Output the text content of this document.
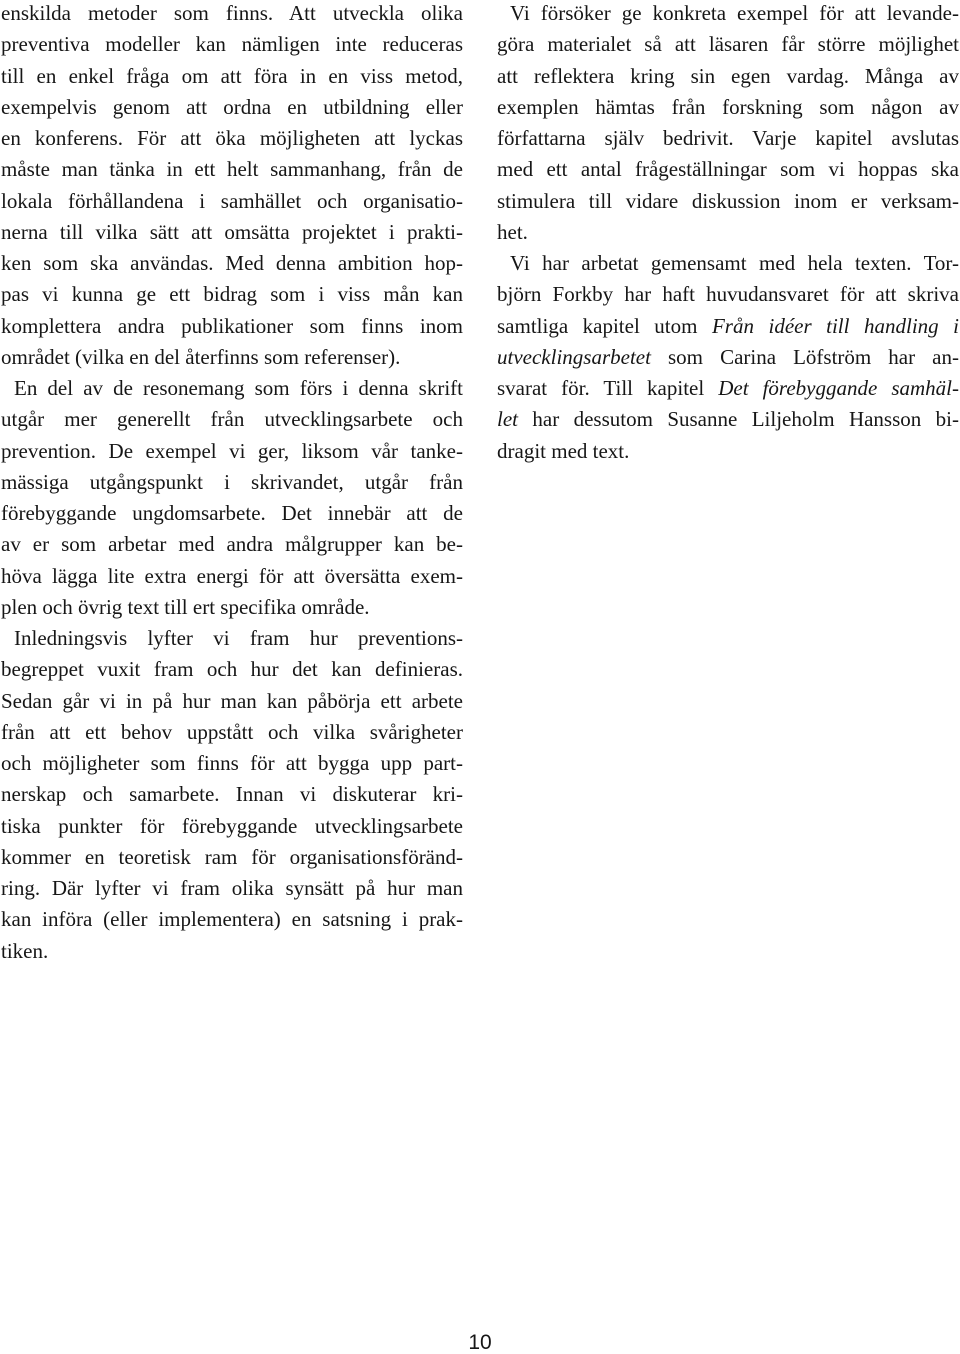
enskilda metoder som finns. Att utveckla olika
preventiva modeller kan nämligen inte reduceras
till en enkel fråga om att föra in en viss metod,
exempelvis genom att ordna en utbildning eller
en konferens. För att öka möjligheten att lyckas
måste man tänka in ett helt sammanhang, från de
lokala förhållandena i samhället och organisatio-
nerna till vilka sätt att omsätta projektet i prakti-
ken som ska användas. Med denna ambition hop-
pas vi kunna ge ett bidrag som i viss mån kan
komplettera andra publikationer som finns inom
området (vilka en del återfinns som referenser).
En del av de resonemang som förs i denna skrift
utgår mer generellt från utvecklingsarbete och
prevention. De exempel vi ger, liksom vår tanke-
mässiga utgångspunkt i skrivandet, utgår från
förebyggande ungdomsarbete. Det innebär att de
av er som arbetar med andra målgrupper kan be-
höva lägga lite extra energi för att översätta exem-
plen och övrig text till ert specifika område.
Inledningsvis lyfter vi fram hur preventions-
begreppet vuxit fram och hur det kan definieras.
Sedan går vi in på hur man kan påbörja ett arbete
från att ett behov uppstått och vilka svårigheter
och möjligheter som finns för att bygga upp part-
nerskap och samarbete. Innan vi diskuterar kri-
tiska punkter för förebyggande utvecklingsarbete
kommer en teoretisk ram för organisationsföränd-
ring. Där lyfter vi fram olika synsätt på hur man
kan införa (eller implementera) en satsning i prak-
tiken.
Vi försöker ge konkreta exempel för att levande-
göra materialet så att läsaren får större möjlighet
att reflektera kring sin egen vardag. Många av
exemplen hämtas från forskning som någon av
författarna själv bedrivit. Varje kapitel avslutas
med ett antal frågeställningar som vi hoppas ska
stimulera till vidare diskussion inom er verksam-
het.
Vi har arbetat gemensamt med hela texten. Tor-
björn Forkby har haft huvudansvaret för att skriva
samtliga kapitel utom Från idéer till handling i
utvecklingsarbetet som Carina Löfström har an-
svarat för. Till kapitel Det förebyggande samhäl-
let har dessutom Susanne Liljeholm Hansson bi-
dragit med text.
10
